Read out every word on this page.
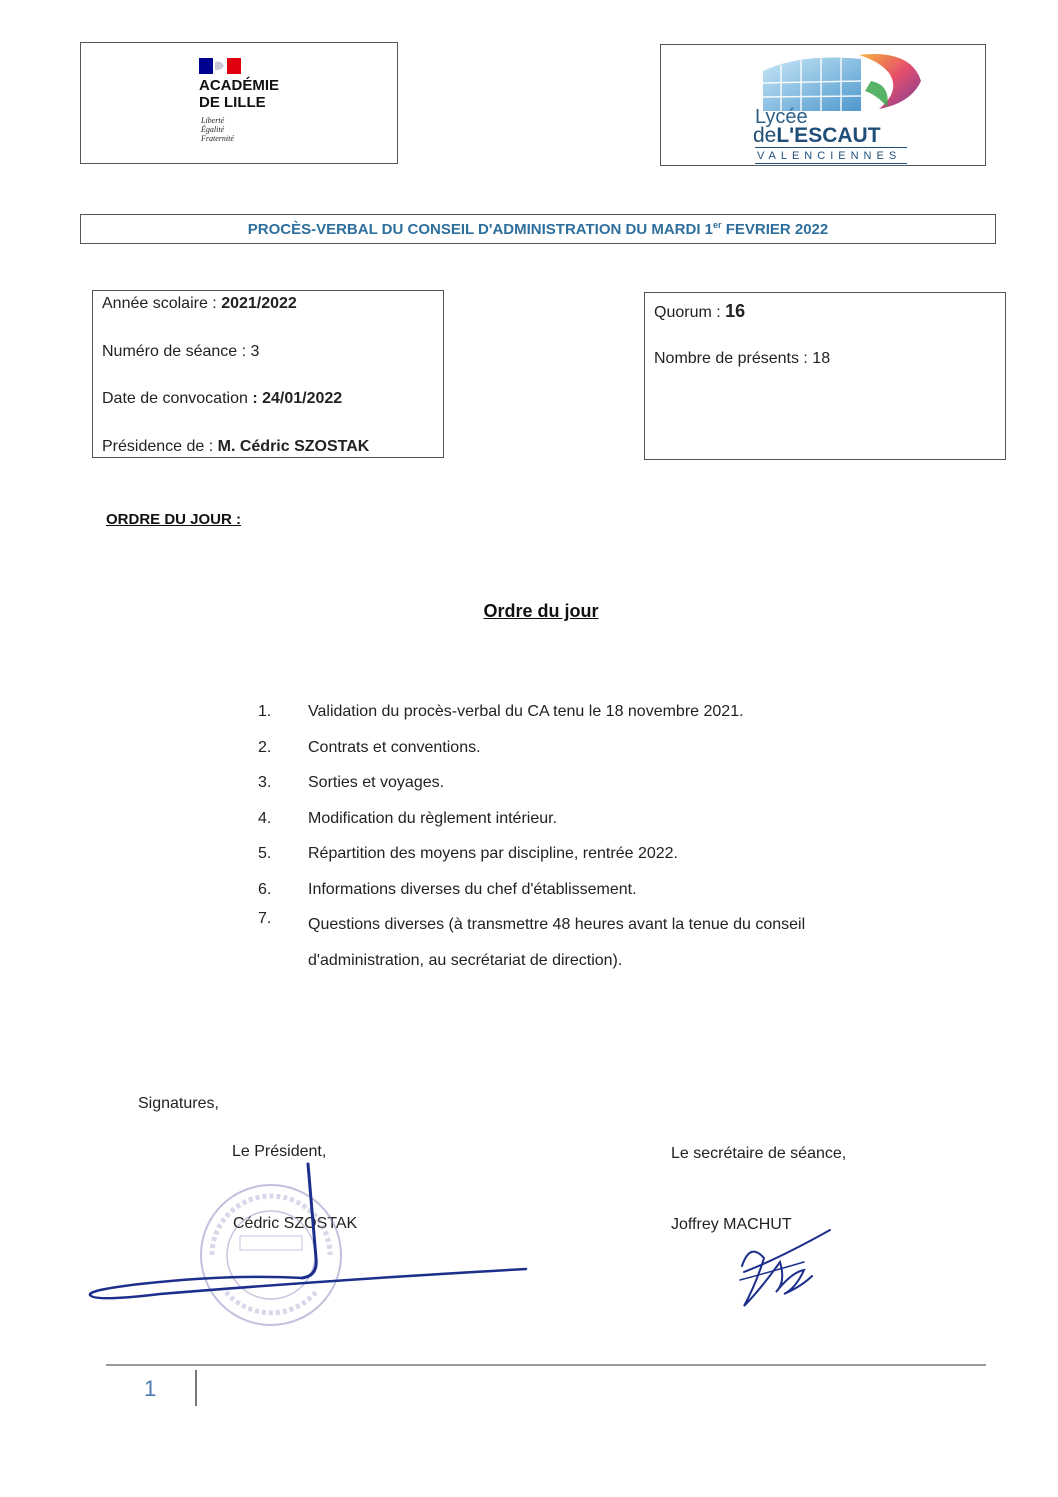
ACADÉMIE
DE LILLE
Liberté
Égalité
Fraternité
Lycée
deL'ESCAUT
VALENCIENNES
PROCÈS-VERBAL DU CONSEIL D'ADMINISTRATION DU MARDI 1er FEVRIER 2022
Année scolaire : 2021/2022
Numéro de séance : 3
Date de convocation : 24/01/2022
Présidence de : M. Cédric SZOSTAK
Quorum : 16
Nombre de présents : 18
ORDRE DU JOUR :
Ordre du jour
1. Validation du procès-verbal du CA tenu le 18 novembre 2021.
2. Contrats et conventions.
3. Sorties et voyages.
4. Modification du règlement intérieur.
5. Répartition des moyens par discipline, rentrée 2022.
6. Informations diverses du chef d'établissement.
7. Questions diverses (à transmettre 48 heures avant la tenue du conseil d'administration, au secrétariat de direction).
Signatures,
Le Président,
Cédric SZOSTAK
Le secrétaire de séance,
Joffrey MACHUT
1
